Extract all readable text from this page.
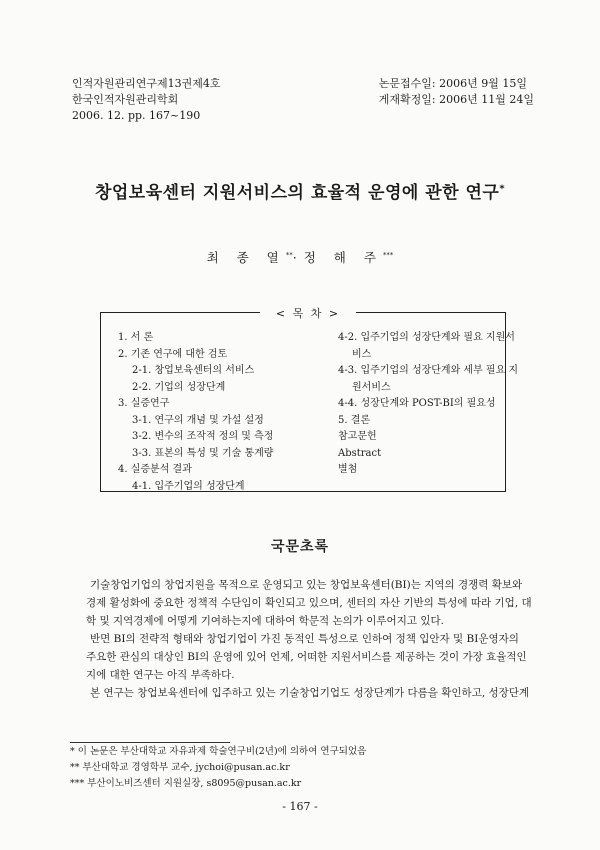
인적자원관리연구제13권제4호
한국인적자원관리학회
2006. 12. pp. 167~190
논문접수일: 2006년 9월 15일
게재확정일: 2006년 11월 24일
창업보육센터 지원서비스의 효율적 운영에 관한 연구*
최 종 열**·정 해 주***
< 목 차 >
1. 서 론
2. 기존 연구에 대한 검토
2-1. 창업보육센터의 서비스
2-2. 기업의 성장단계
3. 실증연구
3-1. 연구의 개념 및 가설 설정
3-2. 변수의 조작적 정의 및 측정
3-3. 표본의 특성 및 기술 통계량
4. 실증분석 결과
4-1. 입주기업의 성장단계
4-2. 입주기업의 성장단계와 필요 지원서
비스
4-3. 입주기업의 성장단계와 세부 필요 지
원서비스
4-4. 성장단계와 POST-BI의 필요성
5. 결론
참고문헌
Abstract
별첨
국문초록
기술창업기업의 창업지원을 목적으로 운영되고 있는 창업보육센터(BI)는 지역의 경쟁력 확보와
경제 활성화에 중요한 정책적 수단임이 확인되고 있으며, 센터의 자산 기반의 특성에 따라 기업, 대
학 및 지역경제에 어떻게 기여하는지에 대하여 학문적 논의가 이루어지고 있다.
반면 BI의 전략적 형태와 창업기업이 가진 동적인 특성으로 인하여 정책 입안자 및 BI운영자의
주요한 관심의 대상인 BI의 운영에 있어 언제, 어떠한 지원서비스를 제공하는 것이 가장 효율적인
지에 대한 연구는 아직 부족하다.
본 연구는 창업보육센터에 입주하고 있는 기술창업기업도 성장단계가 다름을 확인하고, 성장단계
* 이 논문은 부산대학교 자유과제 학술연구비(2년)에 의하여 연구되었음
** 부산대학교 경영학부 교수, jychoi@pusan.ac.kr
*** 부산이노비즈센터 지원실장, s8095@pusan.ac.kr
- 167 -
